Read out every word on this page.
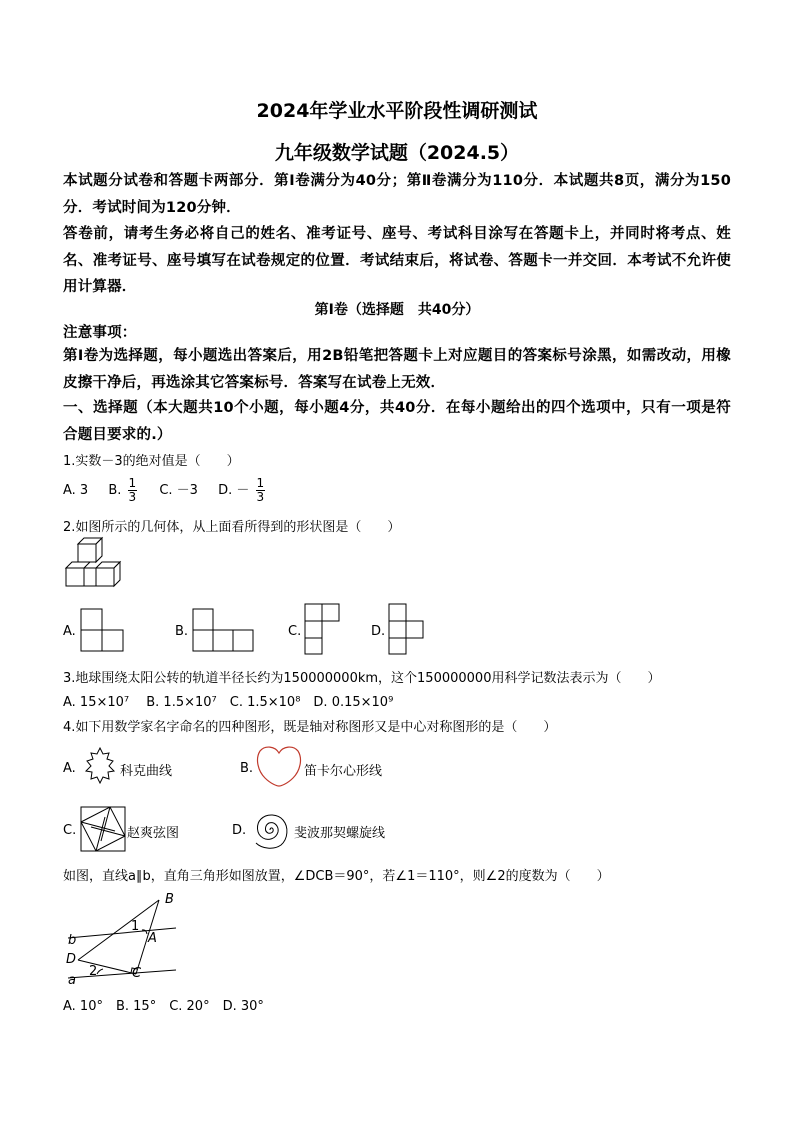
2024年学业水平阶段性调研测试
九年级数学试题（2024.5）
本试题分试卷和答题卡两部分．第Ⅰ卷满分为40分；第Ⅱ卷满分为110分．本试题共8页，满分为150分．考试时间为120分钟．
答卷前，请考生务必将自己的姓名、准考证号、座号、考试科目涂写在答题卡上，并同时将考点、姓名、准考证号、座号填写在试卷规定的位置．考试结束后，将试卷、答题卡一并交回．本考试不允许使用计算器．
第Ⅰ卷（选择题　共40分）
注意事项：
第Ⅰ卷为选择题，每小题选出答案后，用2B铅笔把答题卡上对应题目的答案标号涂黑，如需改动，用橡皮擦干净后，再选涂其它答案标号．答案写在试卷上无效．
一、选择题（本大题共10个小题，每小题4分，共40分．在每小题给出的四个选项中，只有一项是符合题目要求的.）
1.实数－3的绝对值是（　　）
A. 3 B. $\frac{1}{3} C$. －3 D. － $\frac{1}{3}$
2.如图所示的几何体，从上面看所得到的形状图是（　　）
A.	B.	C.	D.
3.地球围绕太阳公转的轨道半径长约为150000000km，这个150000000用科学记数法表示为（　　）
A. 15×10⁷　 B. 1.5×10⁷　C. 1.5×10⁸　D. 0.15×10⁹
4.如下用数学家名字命名的四种图形，既是轴对称图形又是中心对称图形的是（　　）
A.	科克曲线	B.	笛卡尔心形线
C.	赵爽弦图	D.	斐波那契螺旋线
如图，直线a∥b，直角三角形如图放置，∠DCB＝90°，若∠1＝110°，则∠2的度数为（　　）
B
A
1
b
D
2	C
a
A. 10°　B. 15°　C. 20°　D. 30°
